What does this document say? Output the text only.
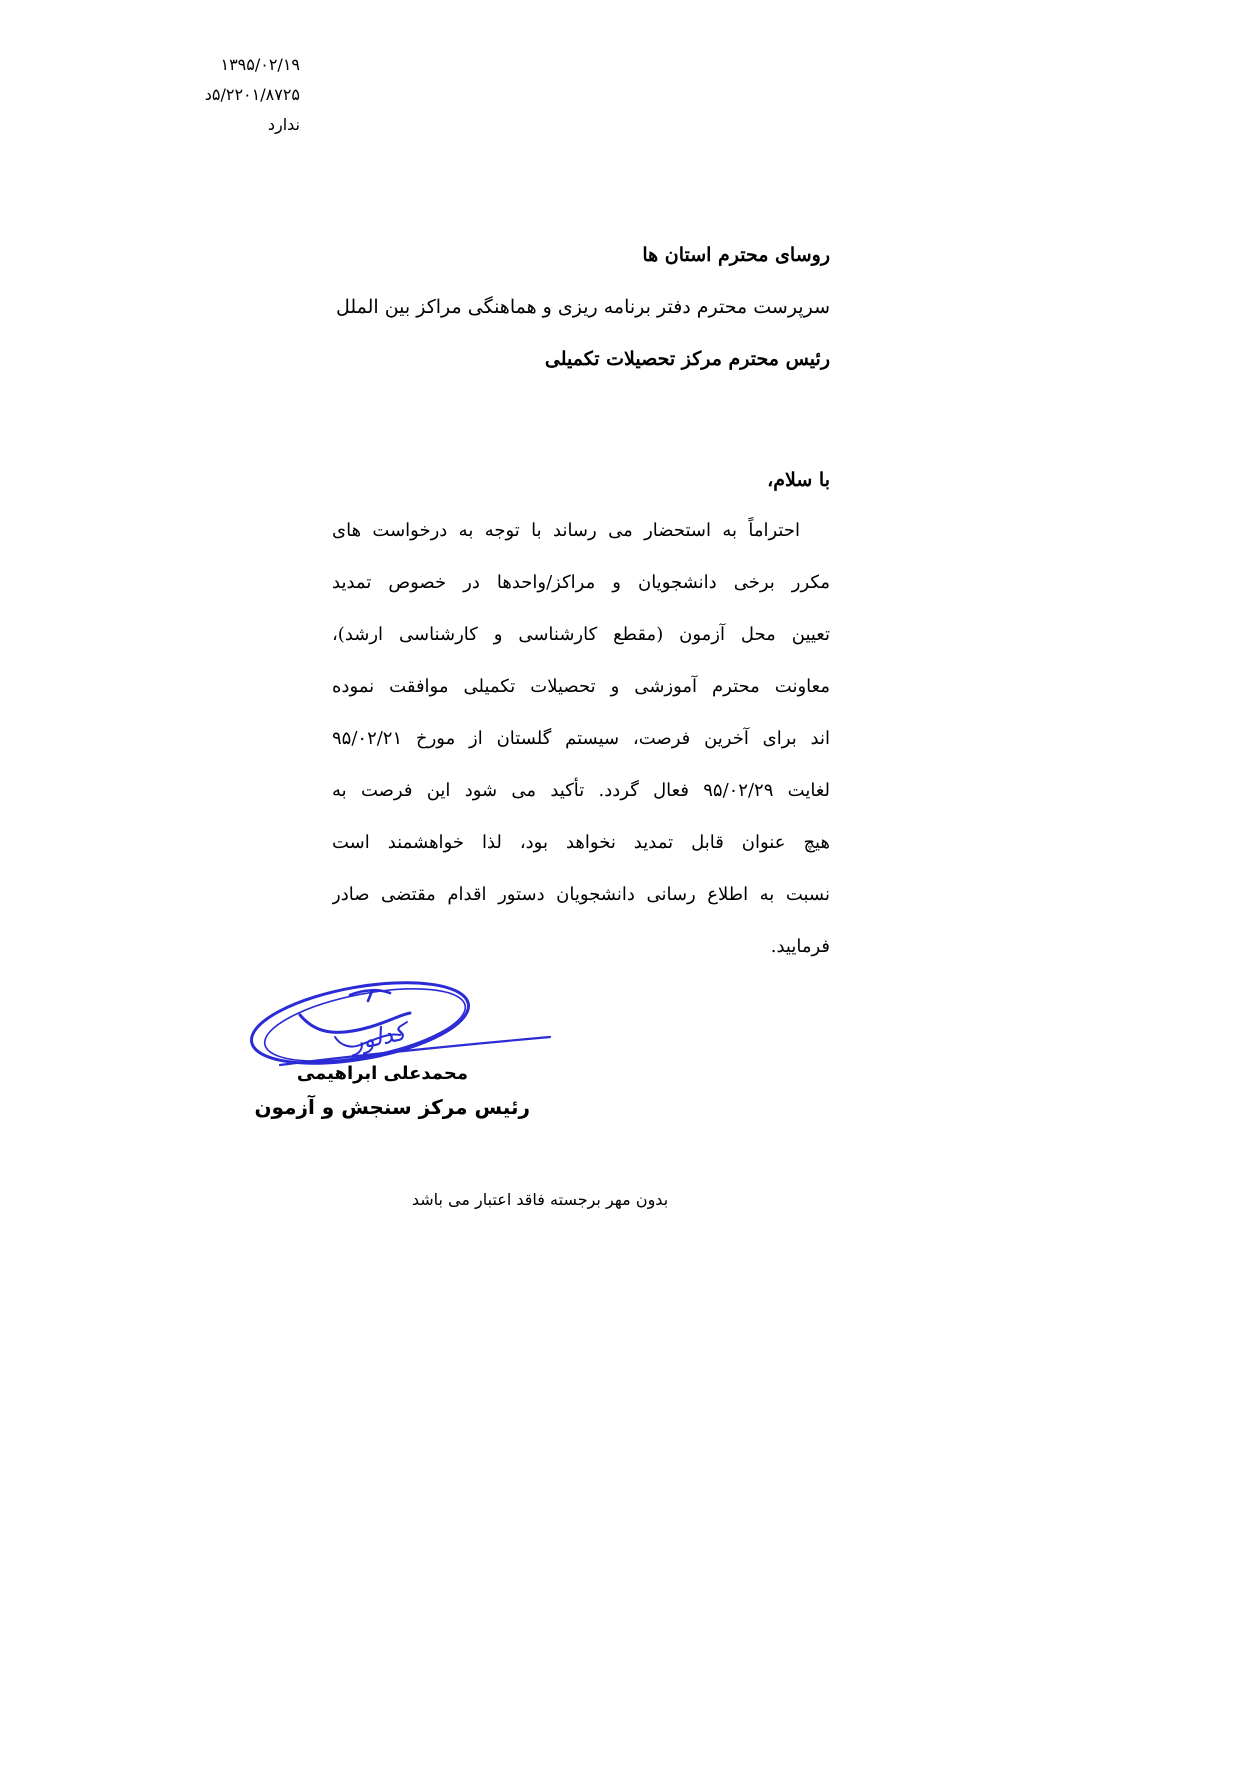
۱۳۹۵/۰۲/۱۹
۵/۲۲۰۱/۸۷۲۵د
ندارد
روسای محترم استان ها
سرپرست محترم دفتر برنامه ریزی و هماهنگی مراکز بین الملل
رئیس محترم مرکز تحصیلات تکمیلی
با سلام،
احتراماً به استحضار می رساند با توجه به درخواست های
مکرر برخی دانشجویان و مراکز/واحدها در خصوص تمدید
تعیین محل آزمون (مقطع کارشناسی و کارشناسی ارشد)،
معاونت محترم آموزشی و تحصیلات تکمیلی موافقت نموده
اند برای آخرین فرصت، سیستم گلستان از مورخ ۹۵/۰۲/۲۱
لغایت ۹۵/۰۲/۲۹ فعال گردد. تأکید می شود این فرصت به
هیچ عنوان قابل تمدید نخواهد بود، لذا خواهشمند است
نسبت به اطلاع رسانی دانشجویان دستور اقدام مقتضی صادر
فرمایید.
کدلور
محمدعلی ابراهیمی
رئیس مرکز سنجش و آزمون
بدون مهر برجسته فاقد اعتبار می باشد
